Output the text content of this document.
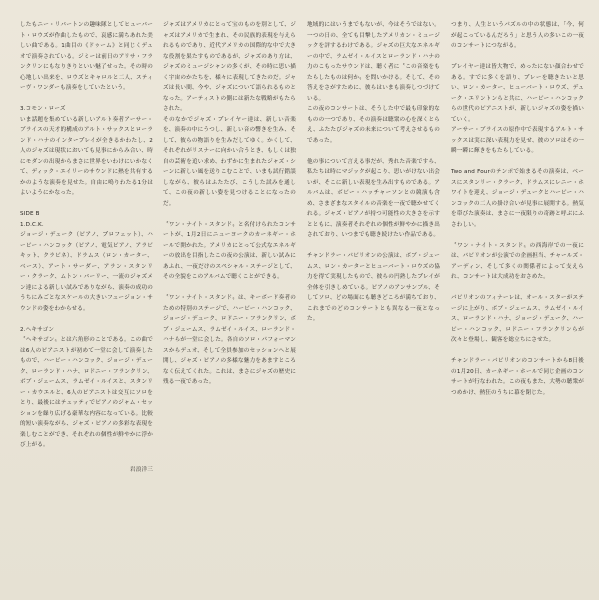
したもニー・リバートンの趣味隊としてヒューバート・ロウズが作曲したもので、哀感に満ちあれた美しい曲である。1曲目の《ドゥーム》と同じくデュオで演奏されている。ジミーは前日のアリサ・フランクリンにもなりきりといい魅了せった。その時の心地しい出来を、ロウズとキャロルと二人、スティーヴ・ワンダーも演奏をしていたという。

3.コモン・ローズ

いま話題を集めている新しいアルト奏者アーサー・ブライスの天才的構成のアルト・サックスとローランド・ハナのインタープレイが全きるかわたし、2人のジャズは現状においても見事にからみ合い、時にモダンの出現からまさに世界をいわけにいかなくて、ディック・エイリーのサウンドに熱を共有するかのような演奏を見せた。自由に鳴りわたる1分はよいようにかなった。

SIDE B

1.D.C.K.

ジョージ・デューク（ピアノ、プロフェット）、ハービー・ハンコック（ピアノ、電気ピアノ、アラビキット、クラビネ）、ドラムス（ロン・カーター、ベース）、アート・サーダー、アラン・スタンリー・クラーク、ムトン・バーリー、一流のジャズメン達による新しい試みでありながら、演奏の成功のうちにみごとなスケールの大きいフュージョン・サウンドの姿をわからせる。

2.ヘキサゴン

〝ヘキサゴン〟とは六角形のことである。この曲では6人のピアニストが初めて一堂に会して演奏したもので、ハービー・ハンコック、ジョージ・デューク、ローランド・ハナ、ロドニー・フランクリン、ボブ・ジェームス、ラムゼイ・ルイスと、スタンリー・カウエルと、6人のピアニストは交互にソロをとり、最後にはテュッティでピアノのジャム・セッションを繰り広げる豪華な内容になっている。比較的短い演奏ながら、ジャズ・ピアノの多彩な表現を楽しむことができ、それぞれの個性が鮮やかに浮かび上がる。

岩浪洋三

ジャズはアメリカにとって宝のものを別として、ジャズはアメリカで生まれ、その民族的表現を与えられるものであり、近代アメリカの国際的な中で大きな役割を果たすものであるが、ジャズのあり方は、ジャズのミュージシャンの多くが、その時に思い描く宇宙のかたちを、様々に表現してきたのだ。ジャズは長い間、今や、ジャズについて語られるものとなった。アーティストの側には新たな戦略がもたらされた。

そのなかでジャズ・プレイヤー達は、新しい音楽を、演奏の中にうつし、新しい音の響きを生み、そして、彼らの物語りを生みだしてゆく。かくして、それぞれがリスナーに向かい合うとき、もしくは独自の芸術を追い求め、わずかに生まれたジャズ・シーンに新しい風を送りこむことで、いまも試行錯誤しながら、彼らはふたたび、こうした試みを通して、この夜の新しい姿を見つけることになったのだ。

〝ワン・ナイト・スタンド〟と名付けられたコンサートが、1月2日にニューヨークのカーネギー・ホールで開かれた。アメリカにとって公式なエネルギーの放出を目指したこの夜の公演は、新しい試みにあふれ、一夜だけのスペシャル・ステージとして、その全貌をこのアルバムで聴くことができる。

〝ワン・ナイト・スタンド〟は、キーボード奏者のための特別のステージで、ハービー・ハンコック、ジョージ・デューク、ロドニー・フランクリン、ボブ・ジェームス、ラムゼイ・ルイス、ローランド・ハナらが一堂に会した。各自のソロ・パフォーマンスからデュオ、そして全員参加のセッションへと展開し、ジャズ・ピアノの多様な魅力をあますところなく伝えてくれた。これは、まさにジャズの歴史に残る一夜であった。

地域的にはいうまでもないが、今はそうではない。一つの日の、全ても目撃したアメリカン・ミュージックを評するわけである。ジャズの巨大なエネルギーの中で、ラムゼイ・ルイスとローランド・ハナの力のこもったサウンドは、聴く者に〝この音楽をもたらしたものは何か〟を問いかける。そして、その答えをさがすために、彼らはいまも演奏しつづけている。

この夜のコンサートは、そうした中で最も印象的なものの一つであり、その演奏は聴衆の心を深くとらえ、ふたたびジャズの未来について考えさせるものであった。

他の事について言える事だが、秀れた音楽ですら、私たちは時にマジックが起こり、思いがけない出会いが、そこに新しい表現を生み出すものである。アルバムは、ボビー・ハッチャーソンとの競演も含め、さまざまなスタイルの音楽を一夜で聴かせてくれる。ジャズ・ピアノが持つ可能性の大きさを示すとともに、演奏者それぞれの個性が鮮やかに描き出されており、いつまでも聴き続けたい作品である。

チャンドラー・パビリオンの公演は、ボブ・ジェームス、ロン・カーターとヒューバート・ロウズの協力を得て実現したもので、彼らの円熟したプレイが全体を引きしめている。ピアノのアンサンブル、そしてソロ、どの場面にも聴きどころが満ちており、これまでのどのコンサートとも異なる一夜となった。

つまり、人生というパズルの中の状態は、「今、何が起こっているんだろう」と思う人の多いこの一夜のコンサートにつながる。

プレイヤー達は皆大物で、めったにない顔合わせである。すでに多くを語り、プレーを聴きたいと思い、ロン・カーター、ヒューバート・ロウズ、デューク・エリントンらと共に、ハービー・ハンコックらの世代のピアニストが、新しいジャズの姿を描いていく。

アーサー・ブライスの原作中で表現するアルト・サックスは実に深い表現力を見せ、彼のソロはその一瞬一瞬に輝きをもたらしている。

Two and Fourのテンポで始まるその演奏は、ベースにスタンリー・クラーク、ドラムスにレニー・ホワイトを迎え、ジョージ・デュークとハービー・ハンコックの二人の掛け合いが見事に展開する。熱気を帯びた演奏は、まさに一夜限りの奇跡と呼ぶにふさわしい。

〝ワン・ナイト・スタンド〟の西海岸での一夜には、パビリオンが公演での企画担当、チャールズ・アーディン、そして多くの関係者によって支えられ、コンサートは大成功をおさめた。

パビリオンのフィナーレは、オール・スターがステージに上がり、ボブ・ジェームス、ラムゼイ・ルイス、ローランド・ハナ、ジョージ・デューク、ハービー・ハンコック、ロドニー・フランクリンらが次々と登場し、観客を総立ちにさせた。

チャンドラー・パビリオンのコンサートから8日後の1月20日、カーネギー・ホールで同じ企画のコンサートが行なわれた。この夜もまた、大勢の聴衆がつめかけ、熱狂のうちに幕を閉じた。
